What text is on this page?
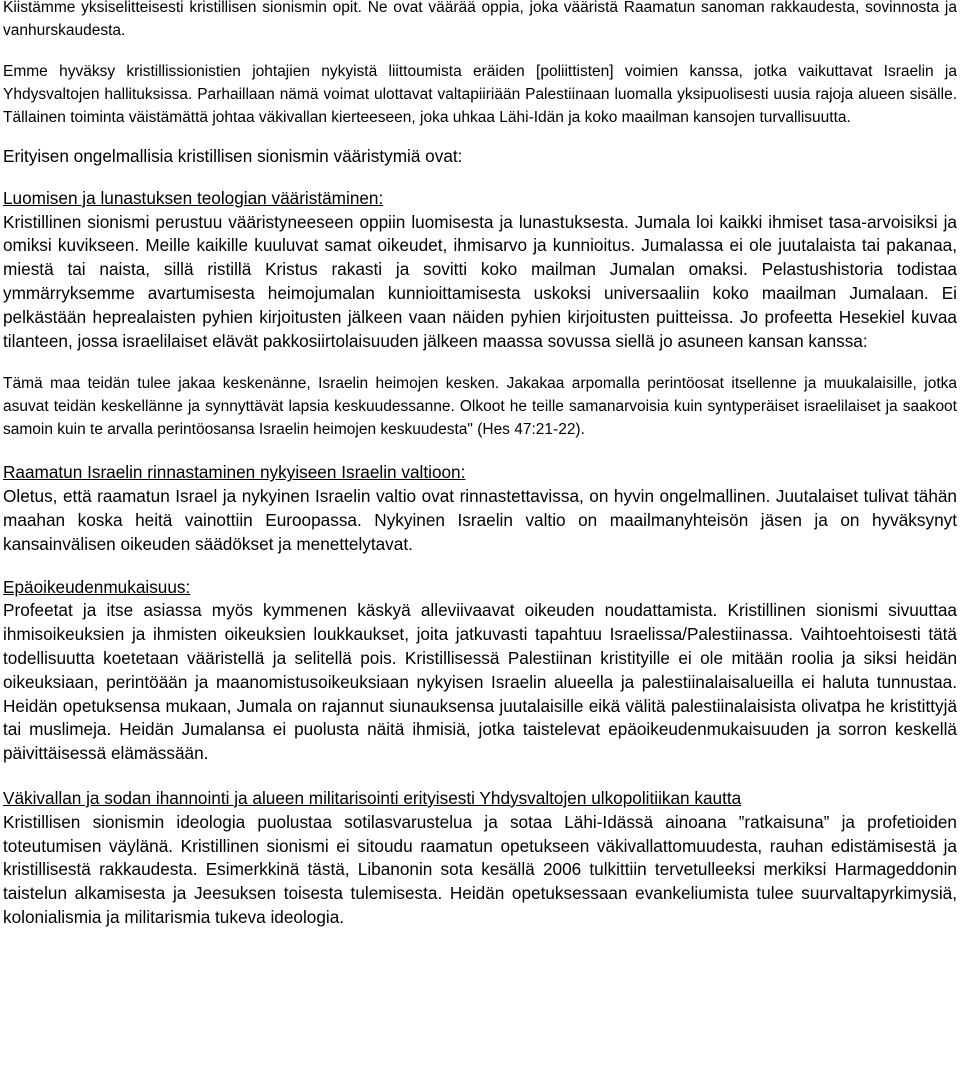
Kiistämme yksiselitteisesti kristillisen sionismin opit. Ne ovat väärää oppia, joka vääristä Raamatun sanoman rakkaudesta, sovinnosta ja vanhurskaudesta.

Emme hyväksy kristillissionistien johtajien nykyistä liittoumista eräiden [poliittisten] voimien kanssa, jotka vaikuttavat Israelin ja Yhdysvaltojen hallituksissa. Parhaillaan nämä voimat ulottavat valtapiiriään Palestiinaan luomalla yksipuolisesti uusia rajoja alueen sisälle. Tällainen toiminta väistämättä johtaa väkivallan kierteeseen, joka uhkaa Lähi-Idän ja koko maailman kansojen turvallisuutta.

Erityisen ongelmallisia kristillisen sionismin vääristymiä ovat:

Luomisen ja lunastuksen teologian vääristäminen:

Kristillinen sionismi perustuu vääristyneeseen oppiin luomisesta ja lunastuksesta. Jumala loi kaikki ihmiset tasa-arvoisiksi ja omiksi kuvikseen. Meille kaikille kuuluvat samat oikeudet, ihmisarvo ja kunnioitus. Jumalassa ei ole juutalaista tai pakanaa, miestä tai naista, sillä ristillä Kristus rakasti ja sovitti koko mailman Jumalan omaksi. Pelastushistoria todistaa ymmärryksemme avartumisesta heimojumalan kunnioittamisesta uskoksi universaaliin koko maailman Jumalaan. Ei pelkästään heprealaisten pyhien kirjoitusten jälkeen vaan näiden pyhien kirjoitusten puitteissa. Jo profeetta Hesekiel kuvaa tilanteen, jossa israelilaiset elävät pakkosiirtolaisuuden jälkeen maassa sovussa siellä jo asuneen kansan kanssa:

Tämä maa teidän tulee jakaa keskenänne, Israelin heimojen kesken. Jakakaa arpomalla perintöosat itsellenne ja muukalaisille, jotka asuvat teidän keskellänne ja synnyttävät lapsia keskuudessanne. Olkoot he teille samanarvoisia kuin syntyperäiset israelilaiset ja saakoot samoin kuin te arvalla perintöosansa Israelin heimojen keskuudesta" (Hes 47:21-22).

Raamatun Israelin rinnastaminen nykyiseen Israelin valtioon:

Oletus, että raamatun Israel ja nykyinen Israelin valtio ovat rinnastettavissa, on hyvin ongelmallinen. Juutalaiset tulivat tähän maahan koska heitä vainottiin Euroopassa. Nykyinen Israelin valtio on maailmanyhteisön jäsen ja on hyväksynyt kansainvälisen oikeuden säädökset ja menettelytavat.

Epäoikeudenmukaisuus:

Profeetat ja itse asiassa myös kymmenen käskyä alleviivaavat oikeuden noudattamista. Kristillinen sionismi sivuuttaa ihmisoikeuksien ja ihmisten oikeuksien loukkaukset, joita jatkuvasti tapahtuu Israelissa/Palestiinassa. Vaihtoehtoisesti tätä todellisuutta koetetaan vääristellä ja selitellä pois. Kristillisessä Palestiinan kristityille ei ole mitään roolia ja siksi heidän oikeuksiaan, perintöään ja maanomistusoikeuksiaan nykyisen Israelin alueella ja palestiinalaisalueilla ei haluta tunnustaa. Heidän opetuksensa mukaan, Jumala on rajannut siunauksensa juutalaisille eikä välitä palestiinalaisista olivatpa he kristittyjä tai muslimeja. Heidän Jumalansa ei puolusta näitä ihmisiä, jotka taistelevat epäoikeudenmukaisuuden ja sorron keskellä päivittäisessä elämässään.

Väkivallan ja sodan ihannointi ja alueen militarisointi erityisesti Yhdysvaltojen ulkopolitiikan kautta

Kristillisen sionismin ideologia puolustaa sotilasvarustelua ja sotaa Lähi-Idässä ainoana ”ratkaisuna” ja profetioiden toteutumisen väylänä. Kristillinen sionismi ei sitoudu raamatun opetukseen väkivallattomuudesta, rauhan edistämisestä ja kristillisestä rakkaudesta. Esimerkkinä tästä, Libanonin sota kesällä 2006 tulkittiin tervetulleeksi merkiksi Harmageddonin taistelun alkamisesta ja Jeesuksen toisesta tulemisesta. Heidän opetuksessaan evankeliumista tulee suurvaltapyrkimysiä, kolonialismia ja militarismia tukeva ideologia.
